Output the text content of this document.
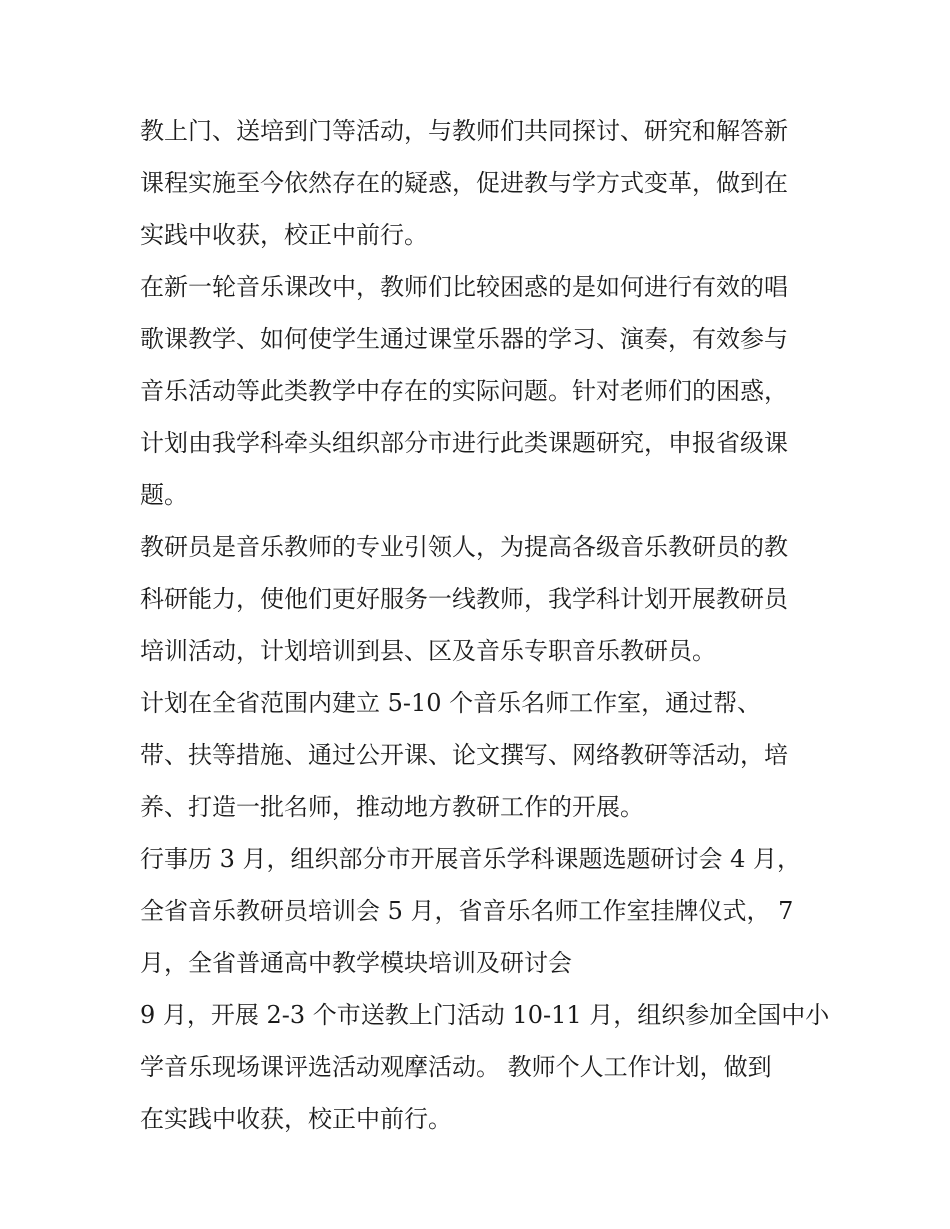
教上门、送培到门等活动，与教师们共同探讨、研究和解答新
课程实施至今依然存在的疑惑，促进教与学方式变革，做到在
实践中收获，校正中前行。
在新一轮音乐课改中，教师们比较困惑的是如何进行有效的唱
歌课教学、如何使学生通过课堂乐器的学习、演奏，有效参与
音乐活动等此类教学中存在的实际问题。针对老师们的困惑，
计划由我学科牵头组织部分市进行此类课题研究，申报省级课
题。
教研员是音乐教师的专业引领人，为提高各级音乐教研员的教
科研能力，使他们更好服务一线教师，我学科计划开展教研员
培训活动，计划培训到县、区及音乐专职音乐教研员。
计划在全省范围内建立 5-10 个音乐名师工作室，通过帮、
带、扶等措施、通过公开课、论文撰写、网络教研等活动，培
养、打造一批名师，推动地方教研工作的开展。
行事历 3 月，组织部分市开展音乐学科课题选题研讨会 4 月，
全省音乐教研员培训会 5 月，省音乐名师工作室挂牌仪式， 7
月，全省普通高中教学模块培训及研讨会
9 月，开展 2-3 个市送教上门活动 10-11 月，组织参加全国中小
学音乐现场课评选活动观摩活动。 教师个人工作计划，做到
在实践中收获，校正中前行。
